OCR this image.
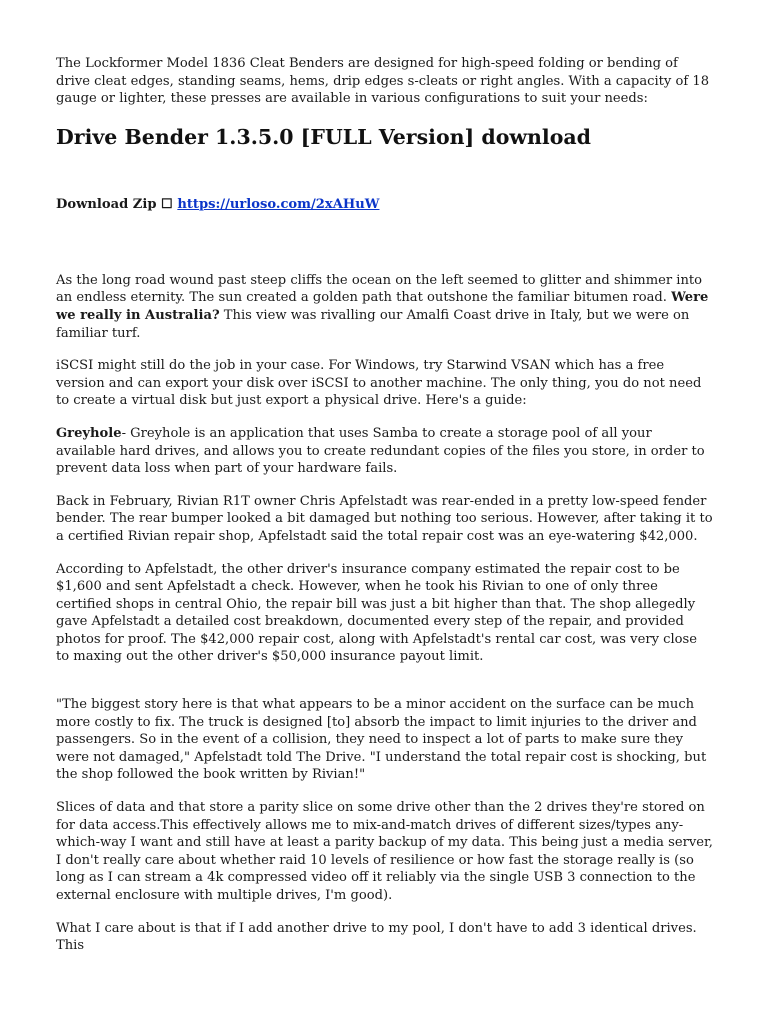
The Lockformer Model 1836 Cleat Benders are designed for high-speed folding or bending of drive cleat edges, standing seams, hems, drip edges s-cleats or right angles. With a capacity of 18 gauge or lighter, these presses are available in various configurations to suit your needs:

Drive Bender 1.3.5.0 [FULL Version] download
Download Zip ☐ https://urloso.com/2xAHuW

As the long road wound past steep cliffs the ocean on the left seemed to glitter and shimmer into an endless eternity. The sun created a golden path that outshone the familiar bitumen road. Were we really in Australia? This view was rivalling our Amalfi Coast drive in Italy, but we were on familiar turf.

iSCSI might still do the job in your case. For Windows, try Starwind VSAN which has a free version and can export your disk over iSCSI to another machine. The only thing, you do not need to create a virtual disk but just export a physical drive. Here's a guide:

Greyhole- Greyhole is an application that uses Samba to create a storage pool of all your available hard drives, and allows you to create redundant copies of the files you store, in order to prevent data loss when part of your hardware fails.

Back in February, Rivian R1T owner Chris Apfelstadt was rear-ended in a pretty low-speed fender bender. The rear bumper looked a bit damaged but nothing too serious. However, after taking it to a certified Rivian repair shop, Apfelstadt said the total repair cost was an eye-watering $42,000.

According to Apfelstadt, the other driver's insurance company estimated the repair cost to be $1,600 and sent Apfelstadt a check. However, when he took his Rivian to one of only three certified shops in central Ohio, the repair bill was just a bit higher than that. The shop allegedly gave Apfelstadt a detailed cost breakdown, documented every step of the repair, and provided photos for proof. The $42,000 repair cost, along with Apfelstadt's rental car cost, was very close to maxing out the other driver's $50,000 insurance payout limit.

"The biggest story here is that what appears to be a minor accident on the surface can be much more costly to fix. The truck is designed [to] absorb the impact to limit injuries to the driver and passengers. So in the event of a collision, they need to inspect a lot of parts to make sure they were not damaged," Apfelstadt told The Drive. "I understand the total repair cost is shocking, but the shop followed the book written by Rivian!"

Slices of data and that store a parity slice on some drive other than the 2 drives they're stored on for data access.This effectively allows me to mix-and-match drives of different sizes/types any-which-way I want and still have at least a parity backup of my data. This being just a media server, I don't really care about whether raid 10 levels of resilience or how fast the storage really is (so long as I can stream a 4k compressed video off it reliably via the single USB 3 connection to the external enclosure with multiple drives, I'm good).

What I care about is that if I add another drive to my pool, I don't have to add 3 identical drives. This
